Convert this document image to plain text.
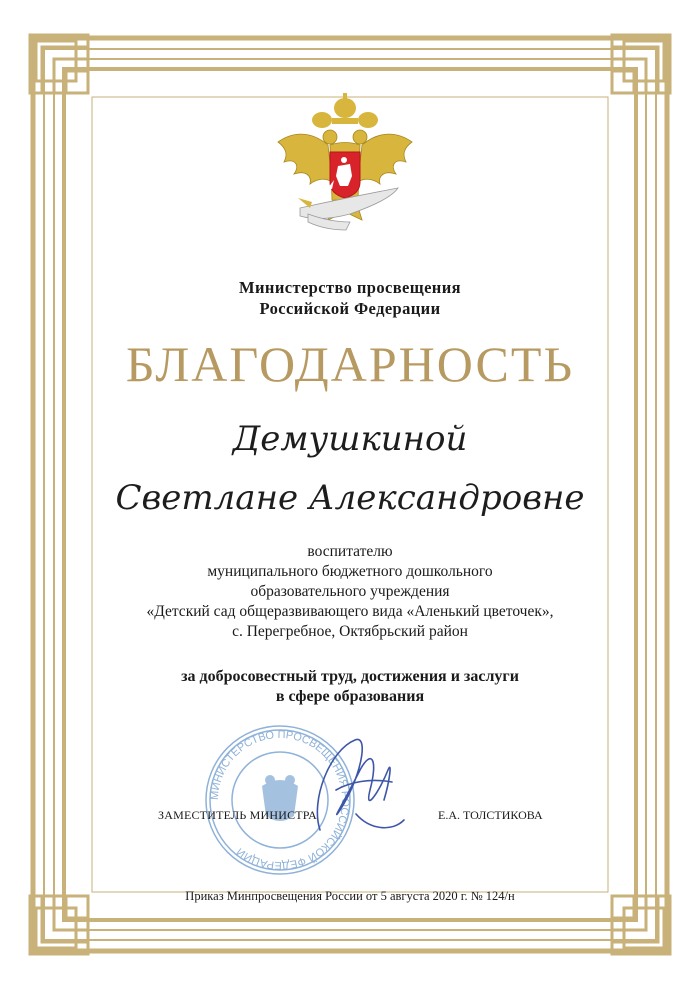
Министерство просвещения
Российской Федерации
БЛАГОДАРНОСТЬ
Демушкиной
Светлане Александровне
воспитателю
муниципального бюджетного дошкольного
образовательного учреждения
«Детский сад общеразвивающего вида «Аленький цветочек»,
с. Перегребное, Октябрьский район
за добросовестный труд, достижения и заслуги
в сфере образования
МИНИСТЕРСТВО ПРОСВЕЩЕНИЯ РОССИЙСКОЙ ФЕДЕРАЦИИ
ЗАМЕСТИТЕЛЬ МИНИСТРА	Е.А. ТОЛСТИКОВА
Приказ Минпросвещения России от 5 августа 2020 г. № 124/н
